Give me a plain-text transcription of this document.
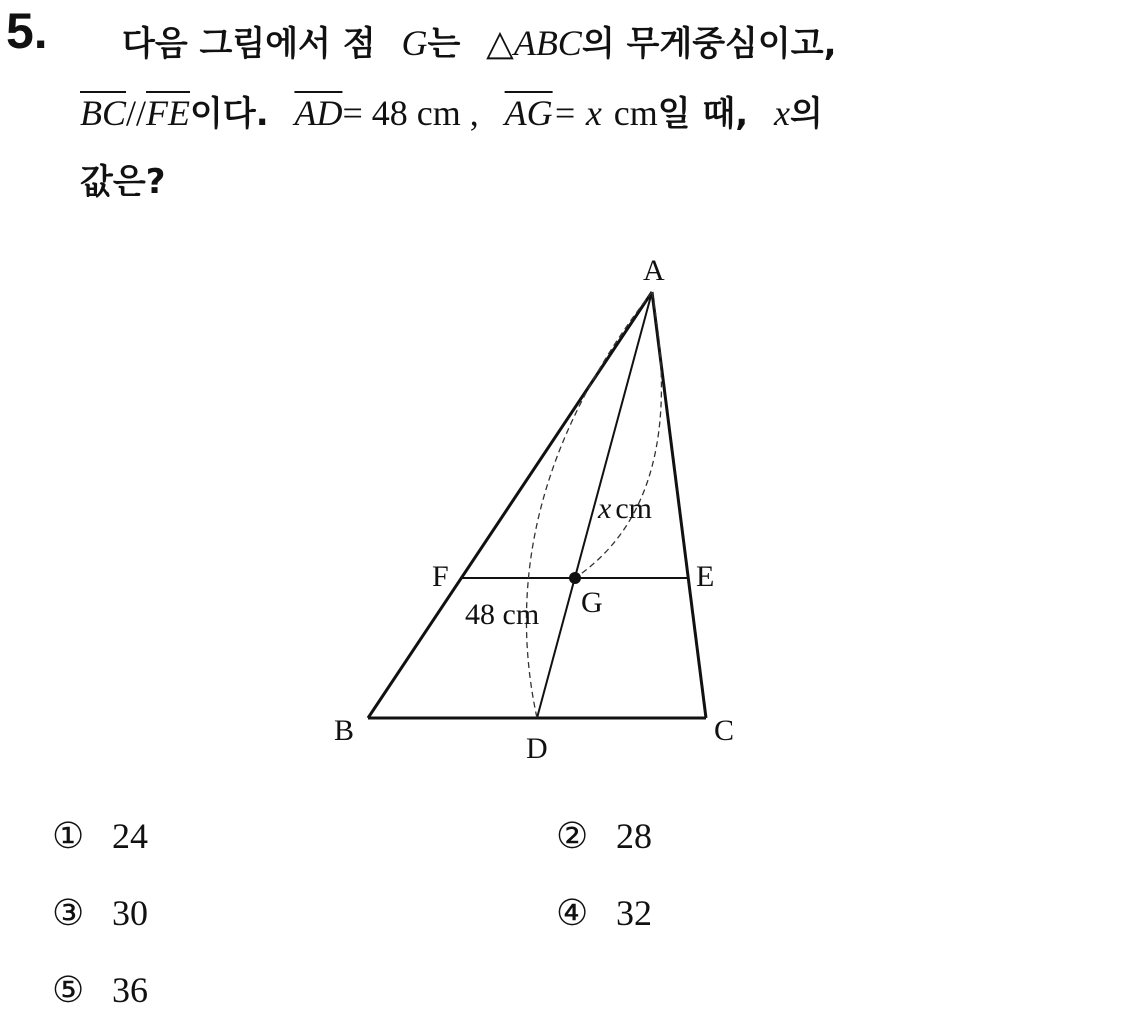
5. 다음 그림에서 점 G는 △ABC의 무게중심이고,
$\overline{BC}//\overline{FE}$이다. $\overline{AD}= 48$ cm , $\overline{AG}= x$ cm일 때, x의
값은?
A
B	C
D
E
F
G
x cm
48 cm
① 24	② 28
③ 30	④ 32
⑤ 36
